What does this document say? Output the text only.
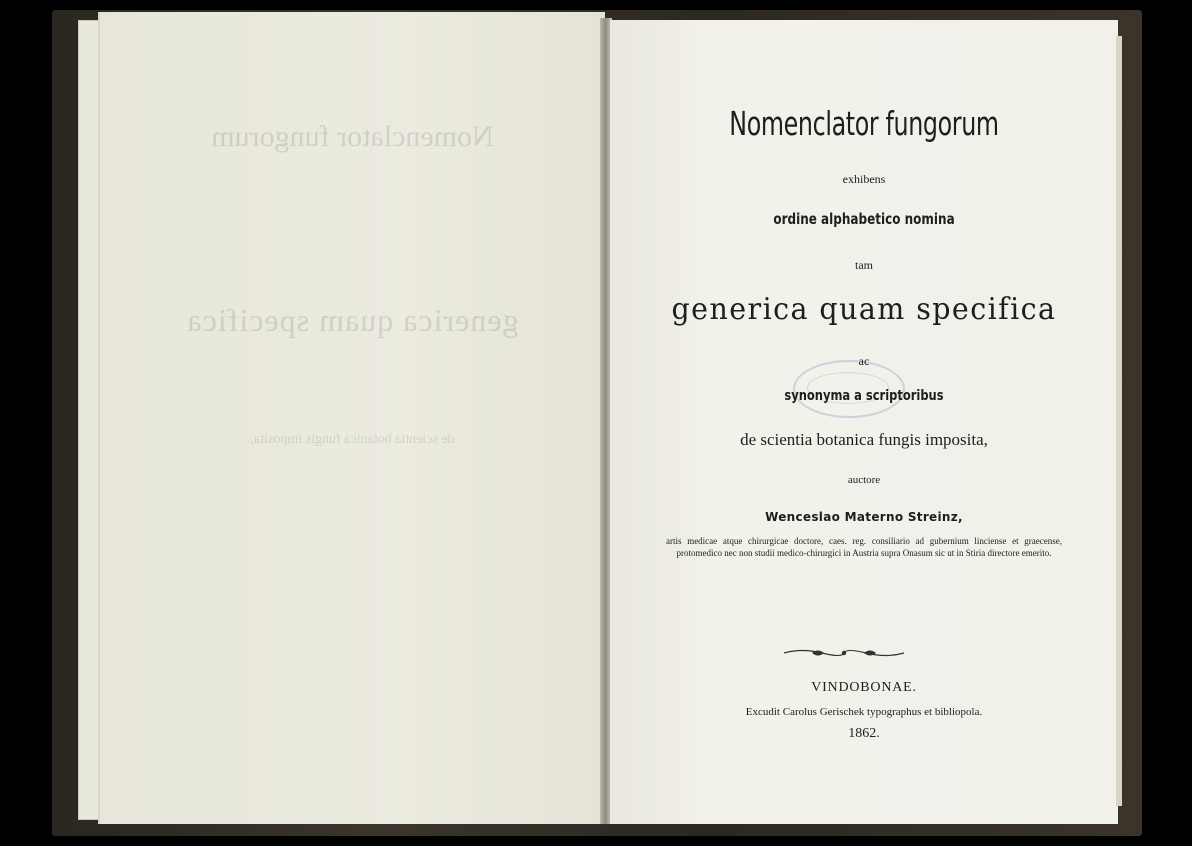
Nomenclator fungorum
generica quam specifica
de scientia botanica fungis imposita,
Nomenclator fungorum
exhibens
ordine alphabetico nomina
tam
generica quam specifica
ac
synonyma a scriptoribus
de scientia botanica fungis imposita,
auctore
Wenceslao Materno Streinz,
artis medicae atque chirurgicae doctore, caes. reg. consiliario ad gubernium linciense et graecense, protomedico nec non studii medico-chirurgici in Austria supra Onasum sic ut in Stiria directore emerito.
VINDOBONAE.
Excudit Carolus Gerischek typographus et bibliopola.
1862.
